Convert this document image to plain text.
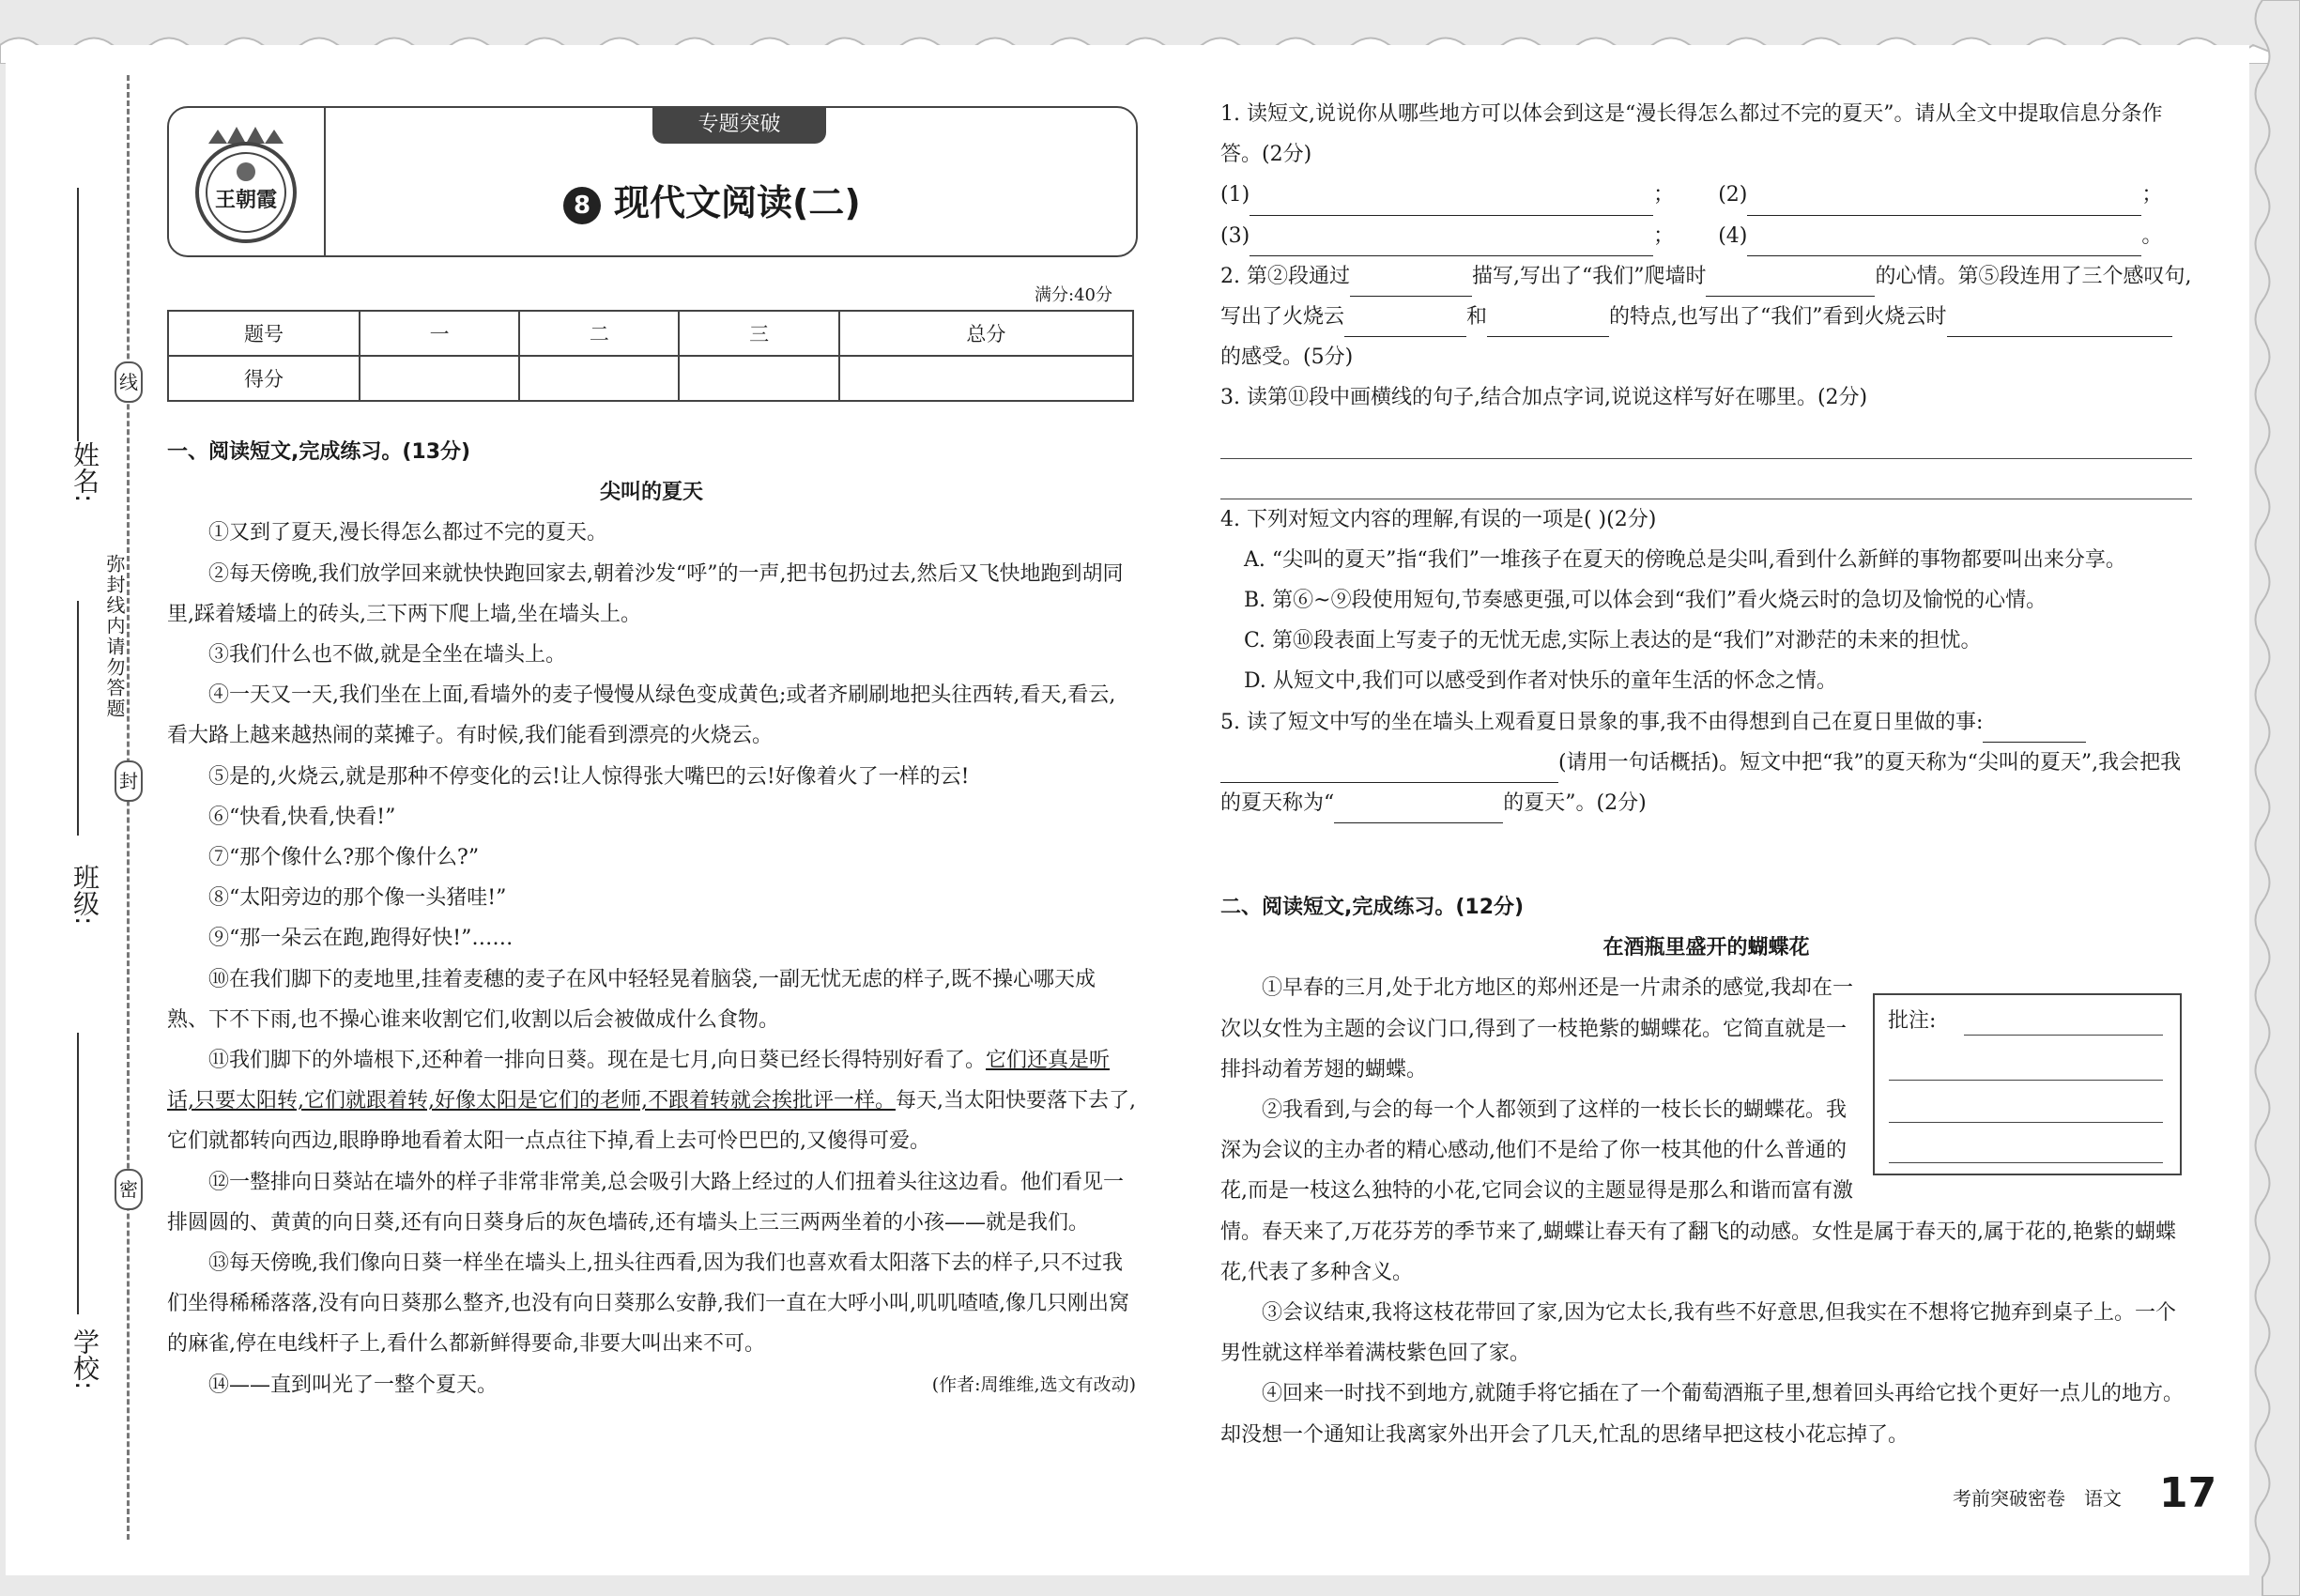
姓名:
班级:
学校:
线
封
密
弥封线内请勿答题
王朝霞
专题突破
8 现代文阅读(二)
满分:40分
题号	一	二	三	总分
得分				

一、阅读短文,完成练习。(13分)

尖叫的夏天

①又到了夏天,漫长得怎么都过不完的夏天。

②每天傍晚,我们放学回来就快快跑回家去,朝着沙发“呼”的一声,把书包扔过去,然后又飞快地跑到胡同里,踩着矮墙上的砖头,三下两下爬上墙,坐在墙头上。

③我们什么也不做,就是全坐在墙头上。

④一天又一天,我们坐在上面,看墙外的麦子慢慢从绿色变成黄色;或者齐刷刷地把头往西转,看天,看云,看大路上越来越热闹的菜摊子。有时候,我们能看到漂亮的火烧云。

⑤是的,火烧云,就是那种不停变化的云!让人惊得张大嘴巴的云!好像着火了一样的云!

⑥“快看,快看,快看!”

⑦“那个像什么?那个像什么?”

⑧“太阳旁边的那个像一头猪哇!”

⑨“那一朵云在跑,跑得好快!”……

⑩在我们脚下的麦地里,挂着麦穗的麦子在风中轻轻晃着脑袋,一副无忧无虑的样子,既不操心哪天成熟、下不下雨,也不操心谁来收割它们,收割以后会被做成什么食物。

⑪我们脚下的外墙根下,还种着一排向日葵。现在是七月,向日葵已经长得特别好看了。它们还真是听话,只要太阳转,它们就跟着转,好像太阳是它们的老师,不跟着转就会挨批评一样。每天,当太阳快要落下去了,它们就都转向西边,眼睁睁地看着太阳一点点往下掉,看上去可怜巴巴的,又傻得可爱。

⑫一整排向日葵站在墙外的样子非常非常美,总会吸引大路上经过的人们扭着头往这边看。他们看见一排圆圆的、黄黄的向日葵,还有向日葵身后的灰色墙砖,还有墙头上三三两两坐着的小孩——就是我们。

⑬每天傍晚,我们像向日葵一样坐在墙头上,扭头往西看,因为我们也喜欢看太阳落下去的样子,只不过我们坐得稀稀落落,没有向日葵那么整齐,也没有向日葵那么安静,我们一直在大呼小叫,叽叽喳喳,像几只刚出窝的麻雀,停在电线杆子上,看什么都新鲜得要命,非要大叫出来不可。

⑭——直到叫光了一整个夏天。	(作者:周维维,选文有改动)

1. 读短文,说说你从哪些地方可以体会到这是“漫长得怎么都过不完的夏天”。请从全文中提取信息分条作答。(2分)

(1)	； (2)	；

(3)	； (4)	。

2. 第②段通过	描写,写出了“我们”爬墙时	的心情。第⑤段连用了三个感叹句,写出了火烧云	和	的特点,也写出了“我们”看到火烧云时的感受。(5分)

3. 读第⑪段中画横线的句子,结合加点字词,说说这样写好在哪里。(2分)

4. 下列对短文内容的理解,有误的一项是( )(2分)

A. “尖叫的夏天”指“我们”一堆孩子在夏天的傍晚总是尖叫,看到什么新鲜的事物都要叫出来分享。

B. 第⑥~⑨段使用短句,节奏感更强,可以体会到“我们”看火烧云时的急切及愉悦的心情。

C. 第⑩段表面上写麦子的无忧无虑,实际上表达的是“我们”对渺茫的未来的担忧。

D. 从短文中,我们可以感受到作者对快乐的童年生活的怀念之情。

5. 读了短文中写的坐在墙头上观看夏日景象的事,我不由得想到自己在夏日里做的事:(请用一句话概括)。短文中把“我”的夏天称为“尖叫的夏天”,我会把我的夏天称为“	的夏天”。(2分)

二、阅读短文,完成练习。(12分)

在酒瓶里盛开的蝴蝶花

①早春的三月,处于北方地区的郑州还是一片肃杀的感觉,我却在一次以女性为主题的会议门口,得到了一枝艳紫的蝴蝶花。它简直就是一排抖动着芳翅的蝴蝶。

②我看到,与会的每一个人都领到了这样的一枝长长的蝴蝶花。我深为会议的主办者的精心感动,他们不是给了你一枝其他的什么普通的花,而是一枝这么独特的小花,它同会议的主题显得是那么和谐而富有激情。春天来了,万花芬芳的季节来了,蝴蝶让春天有了翻飞的动感。女性是属于春天的,属于花的,艳紫的蝴蝶花,代表了多种含义。

③会议结束,我将这枝花带回了家,因为它太长,我有些不好意思,但我实在不想将它抛弃到桌子上。一个男性就这样举着满枝紫色回了家。

④回来一时找不到地方,就随手将它插在了一个葡萄酒瓶子里,想着回头再给它找个更好一点儿的地方。却没想一个通知让我离家外出开会了几天,忙乱的思绪早把这枝小花忘掉了。

批注:
考前突破密卷　语文 17
